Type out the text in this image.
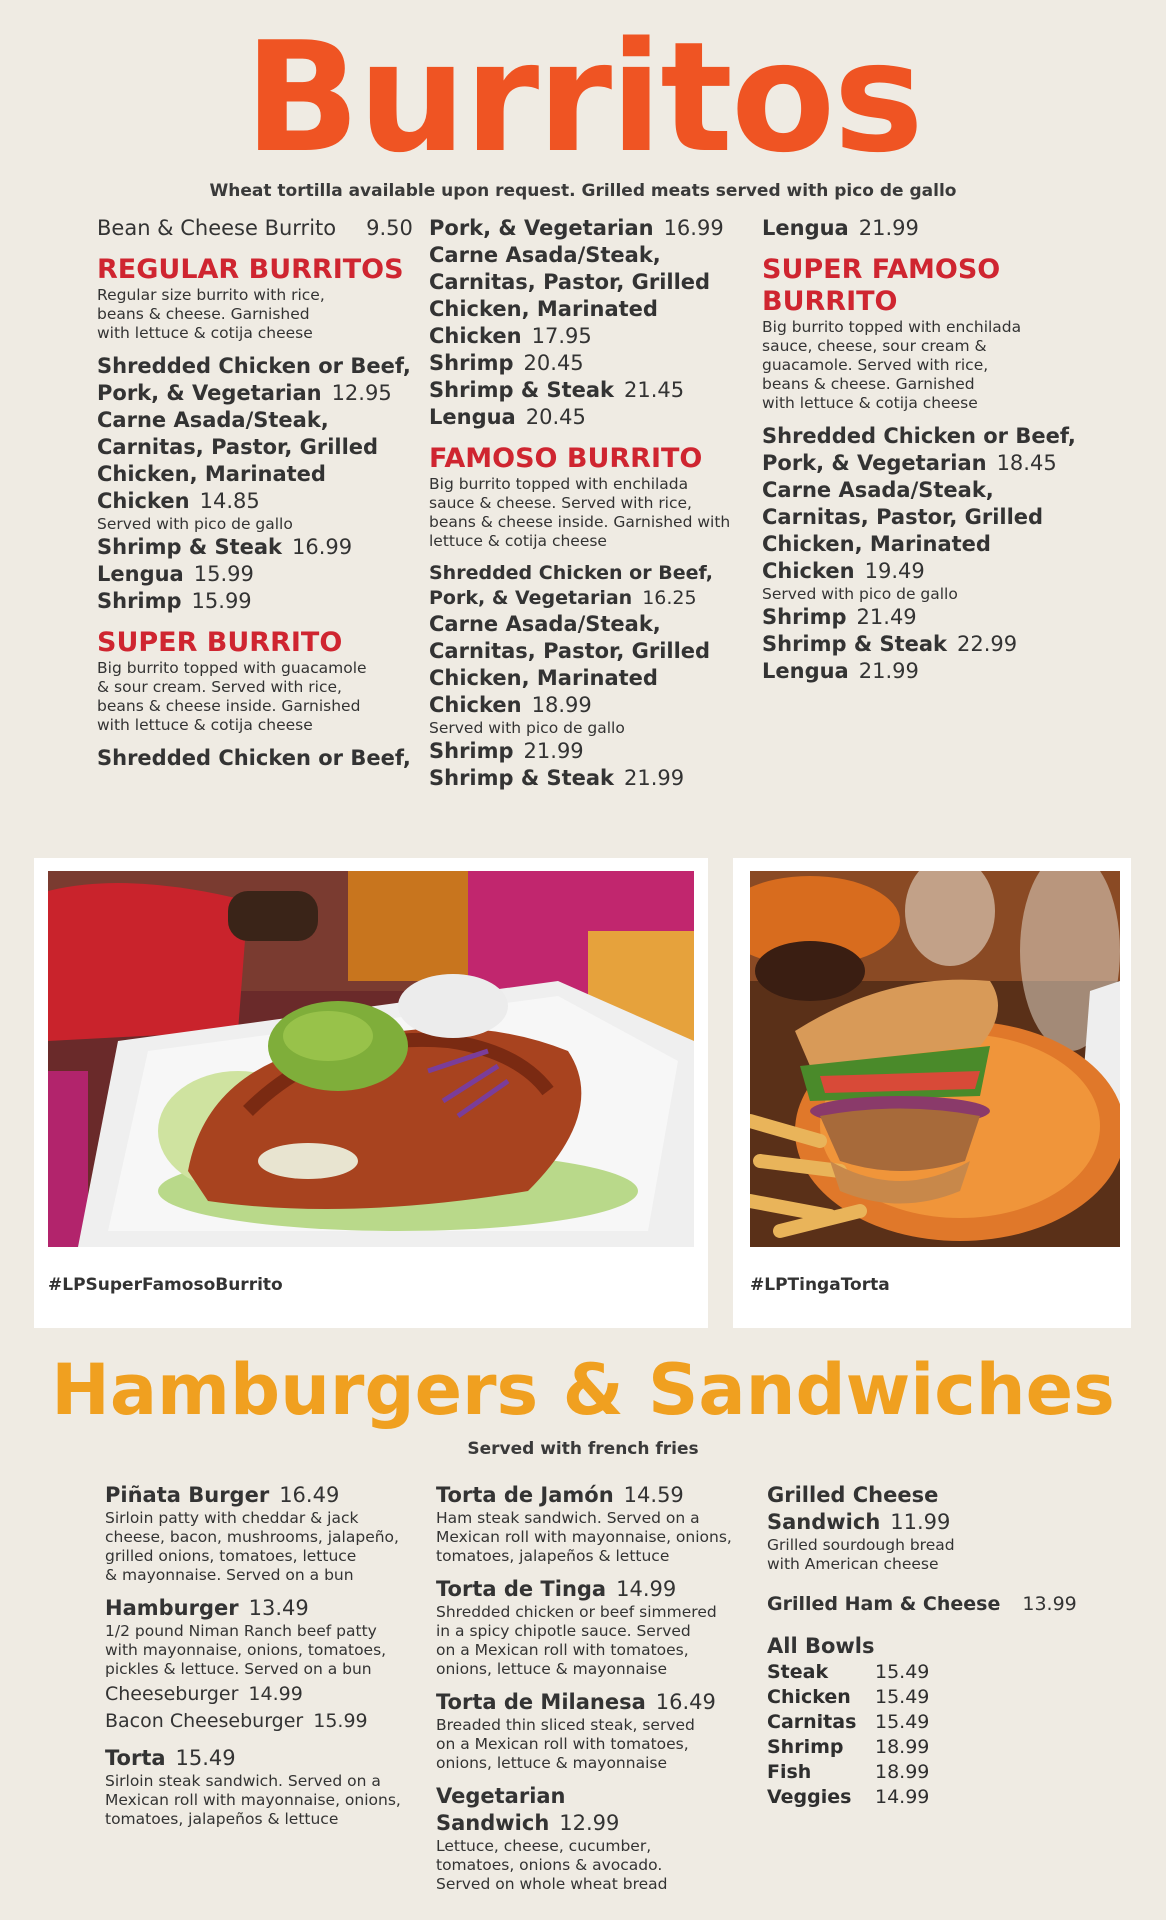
Burritos
Wheat tortilla available upon request. Grilled meats served with pico de gallo
Bean & Cheese Burrito 9.50
REGULAR BURRITOS
Regular size burrito with rice,
beans & cheese. Garnished
with lettuce & cotija cheese
Shredded Chicken or Beef,
Pork, & Vegetarian 12.95
Carne Asada/Steak,
Carnitas, Pastor, Grilled
Chicken, Marinated
Chicken 14.85
Served with pico de gallo
Shrimp & Steak 16.99
Lengua 15.99
Shrimp 15.99
SUPER BURRITO
Big burrito topped with guacamole
& sour cream. Served with rice,
beans & cheese inside. Garnished
with lettuce & cotija cheese
Shredded Chicken or Beef,
Pork, & Vegetarian 16.99
Carne Asada/Steak,
Carnitas, Pastor, Grilled
Chicken, Marinated
Chicken 17.95
Shrimp 20.45
Shrimp & Steak 21.45
Lengua 20.45
FAMOSO BURRITO
Big burrito topped with enchilada
sauce & cheese. Served with rice,
beans & cheese inside. Garnished with
lettuce & cotija cheese
Shredded Chicken or Beef,
Pork, & Vegetarian 16.25
Carne Asada/Steak,
Carnitas, Pastor, Grilled
Chicken, Marinated
Chicken 18.99
Served with pico de gallo
Shrimp 21.99
Shrimp & Steak 21.99
Lengua 21.99
SUPER FAMOSO
BURRITO
Big burrito topped with enchilada
sauce, cheese, sour cream &
guacamole. Served with rice,
beans & cheese. Garnished
with lettuce & cotija cheese
Shredded Chicken or Beef,
Pork, & Vegetarian 18.45
Carne Asada/Steak,
Carnitas, Pastor, Grilled
Chicken, Marinated
Chicken 19.49
Served with pico de gallo
Shrimp 21.49
Shrimp & Steak 22.99
Lengua 21.99
#LPSuperFamosoBurrito	#LPTingaTorta
Hamburgers & Sandwiches
Served with french fries
Piñata Burger 16.49
Sirloin patty with cheddar & jack
cheese, bacon, mushrooms, jalapeño,
grilled onions, tomatoes, lettuce
& mayonnaise. Served on a bun
Hamburger 13.49
1/2 pound Niman Ranch beef patty
with mayonnaise, onions, tomatoes,
pickles & lettuce. Served on a bun
Cheeseburger 14.99
Bacon Cheeseburger 15.99
Torta 15.49
Sirloin steak sandwich. Served on a
Mexican roll with mayonnaise, onions,
tomatoes, jalapeños & lettuce
Torta de Jamón 14.59
Ham steak sandwich. Served on a
Mexican roll with mayonnaise, onions,
tomatoes, jalapeños & lettuce
Torta de Tinga 14.99
Shredded chicken or beef simmered
in a spicy chipotle sauce. Served
on a Mexican roll with tomatoes,
onions, lettuce & mayonnaise
Torta de Milanesa 16.49
Breaded thin sliced steak, served
on a Mexican roll with tomatoes,
onions, lettuce & mayonnaise
Vegetarian Sandwich 12.99
Lettuce, cheese, cucumber,
tomatoes, onions & avocado.
Served on whole wheat bread
Grilled Cheese
Sandwich 11.99
Grilled sourdough bread
with American cheese
Grilled Ham & Cheese 13.99
All Bowls
Steak	15.49
Chicken	15.49
Carnitas	15.49
Shrimp	18.99
Fish	18.99
Veggies	14.99
